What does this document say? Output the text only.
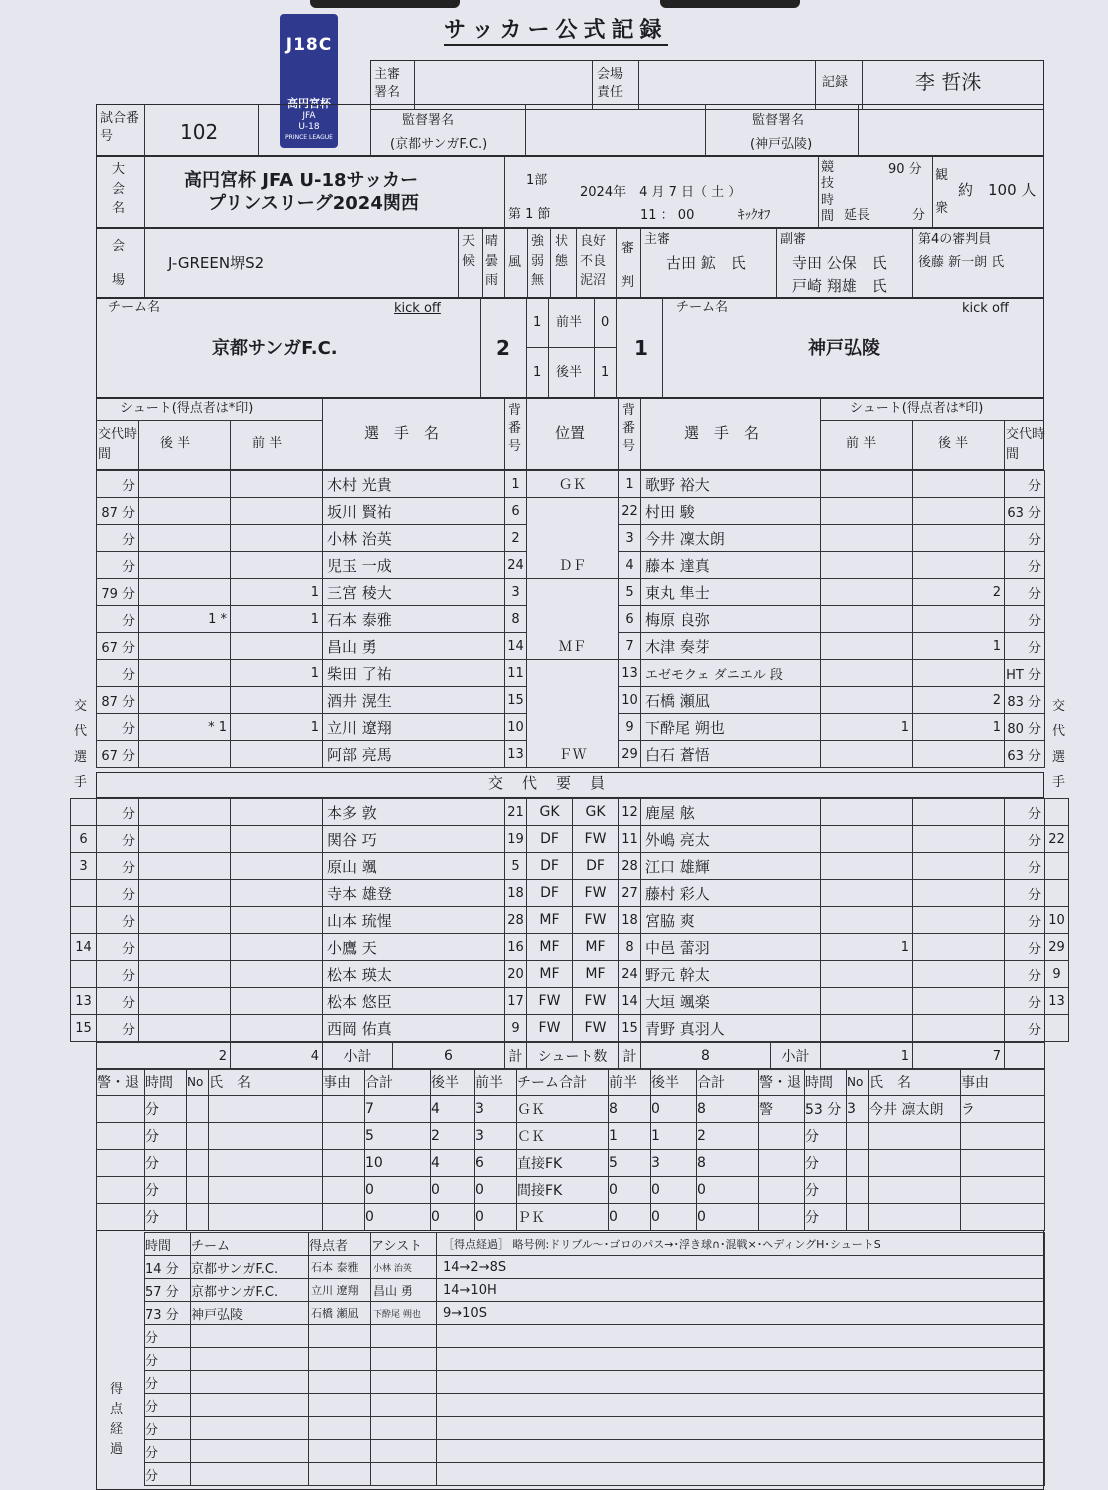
サッカー公式記録
J18C
高円宮杯
JFA
U-18
PRINCE LEAGUE
主審署名
会場責任
記録	李 哲洙
試合番号	102	監督署名
(京都サンガF.C.)
監督署名
(神戸弘陵)
大会名
高円宮杯 JFA U-18サッカー
プリンスリーグ2024関西
1部
第 1 節
2024年　4 月 7 日（ 土 ）
11 ： 00	ｷｯｸｵﾌ
競技時間
90 分
延長	分
観衆
約　100 人
会場
J-GREEN堺S2
天候
晴曇雨
風
強弱無
状態
良好不良泥沼
審判
主審
古田 鉱　氏
副審
寺田 公保　氏
戸崎 翔雄　氏
第4の審判員
後藤 新一朗 氏
チーム名	kick off
京都サンガF.C.	2
1 前半 0
1 後半 1
1
チーム名	kick off
神戸弘陵
シュート(得点者は*印)	シュート(得点者は*印)
交代時間
後 半	前 半
選　手　名
背番号
位置
背番号
選　手　名
前 半	後 半
交代時間
分			木村 光貴	1	ＧＫ	1	歌野 裕大			分
87 分			坂川 賢祐	6		22	村田 駿			63 分
分			小林 治英	2		3	今井 凜太朗			分
分			児玉 一成	24	ＤＦ	4	藤本 達真			分
79 分		1	三宮 稜大	3		5	東丸 隼士		2	分
分	1 *	1	石本 泰雅	8		6	梅原 良弥			分
67 分			昌山 勇	14	ＭＦ	7	木津 奏芽		1	分
分		1	柴田 了祐	11		13	エゼモクェ ダニエル 段			HT 分
87 分			酒井 滉生	15		10	石橋 瀬凪		2	83 分
分	* 1	1	立川 遼翔	10		9	下酔尾 朔也	1	1	80 分
67 分			阿部 亮馬	13	ＦＷ	29	白石 蒼悟			63 分
交代選手
交代選手
交　代　要　員
	分			本多 敦	21	GK	GK	12	鹿屋 舷			分	
6	分			関谷 巧	19	DF	FW	11	外嶋 亮太			分	22
3	分			原山 颯	5	DF	DF	28	江口 雄輝			分	
	分			寺本 雄登	18	DF	FW	27	藤村 彩人			分	
	分			山本 琉惺	28	MF	FW	18	宮脇 爽			分	10
14	分			小鷹 天	16	MF	MF	8	中邑 蕾羽	1		分	29
	分			松本 瑛太	20	MF	MF	24	野元 幹太			分	9
13	分			松本 悠臣	17	FW	FW	14	大垣 颯楽			分	13
15	分			西岡 佑真	9	FW	FW	15	青野 真羽人			分	
2	4	小計	6	計	シュート数	計	8	小計	1	7	
警・退	時間	No	氏　名	事由	合計	後半	前半	チーム合計	前半	後半	合計	警・退	時間	No	氏　名	事由
	分				7	4	3	ＧＫ	8	0	8	警	53 分	3	今井 凛太朗	ラ
	分				5	2	3	ＣＫ	1	1	2		分			
	分				10	4	6	直接FK	5	3	8		分			
	分				0	0	0	間接FK	0	0	0		分			
	分				0	0	0	ＰＫ	0	0	0		分			
得点経過
時間	チーム	得点者	アシスト	［得点経過］ 略号例:ドリブル～･ゴロのパス→･浮き球∩･混戦×･ヘディングH･シュートS
14 分	京都サンガF.C.	石本 泰雅	小林 治英	14→2→8S
57 分	京都サンガF.C.	立川 遼翔	昌山 勇	14→10H
73 分	神戸弘陵	石橋 瀬凪	下酔尾 朔也	9→10S
分				
分				
分				
分				
分				
分				
分				
